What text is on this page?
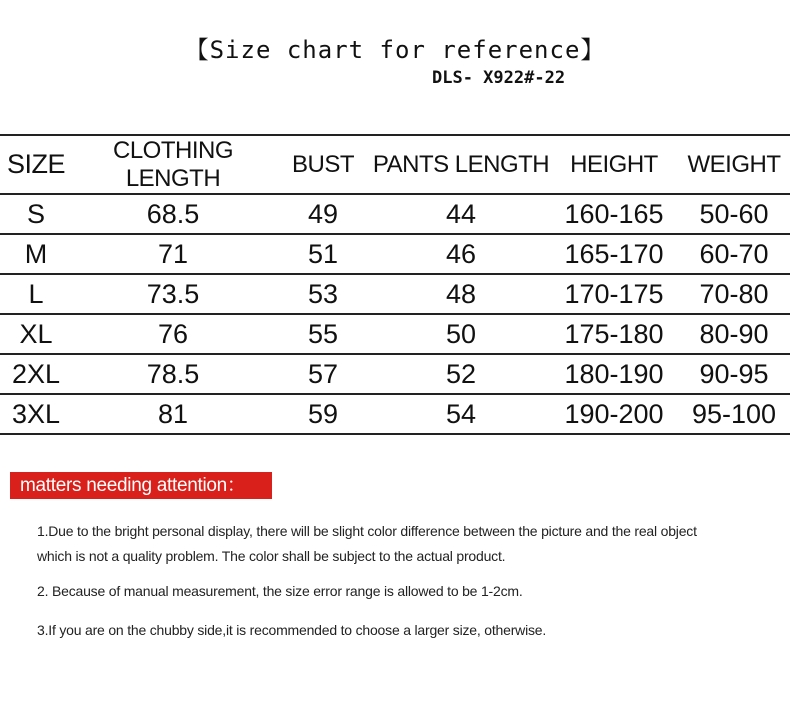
【Size chart for reference】
DLS- X922#-22
SIZE	CLOTHING LENGTH	BUST	PANTS LENGTH	HEIGHT	WEIGHT
S	68.5	49	44	160-165	50-60
M	71	51	46	165-170	60-70
L	73.5	53	48	170-175	70-80
XL	76	55	50	175-180	80-90
2XL	78.5	57	52	180-190	90-95
3XL	81	59	54	190-200	95-100
matters needing attention：
1.Due to the bright personal display, there will be slight color difference between the picture and the real object
which is not a quality problem. The color shall be subject to the actual product.
2. Because of manual measurement, the size error range is allowed to be 1-2cm.
3.If you are on the chubby side,it is recommended to choose a larger size, otherwise.
